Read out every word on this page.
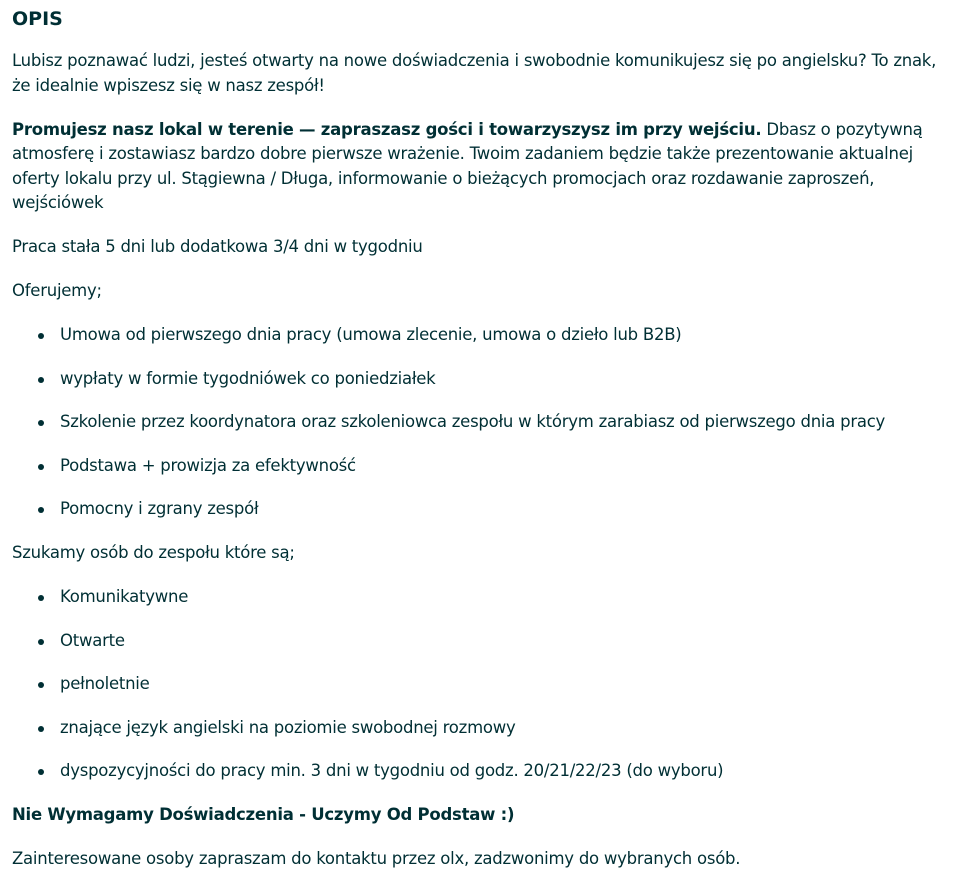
OPIS

Lubisz poznawać ludzi, jesteś otwarty na nowe doświadczenia i swobodnie komunikujesz się po angielsku? To znak, że idealnie wpiszesz się w nasz zespół!

Promujesz nasz lokal w terenie — zapraszasz gości i towarzyszysz im przy wejściu. Dbasz o pozytywną atmosferę i zostawiasz bardzo dobre pierwsze wrażenie. Twoim zadaniem będzie także prezentowanie aktualnej oferty lokalu przy ul. Stągiewna / Długa, informowanie o bieżących promocjach oraz rozdawanie zaproszeń, wejściówek

Praca stała 5 dni lub dodatkowa 3/4 dni w tygodniu

Oferujemy;

Umowa od pierwszego dnia pracy (umowa zlecenie, umowa o dzieło lub B2B)
wypłaty w formie tygodniówek co poniedziałek
Szkolenie przez koordynatora oraz szkoleniowca zespołu w którym zarabiasz od pierwszego dnia pracy
Podstawa + prowizja za efektywność
Pomocny i zgrany zespół

Szukamy osób do zespołu które są;

Komunikatywne
Otwarte
pełnoletnie
znające język angielski na poziomie swobodnej rozmowy
dyspozycyjności do pracy min. 3 dni w tygodniu od godz. 20/21/22/23 (do wyboru)

Nie Wymagamy Doświadczenia - Uczymy Od Podstaw :)

Zainteresowane osoby zapraszam do kontaktu przez olx, zadzwonimy do wybranych osób.
